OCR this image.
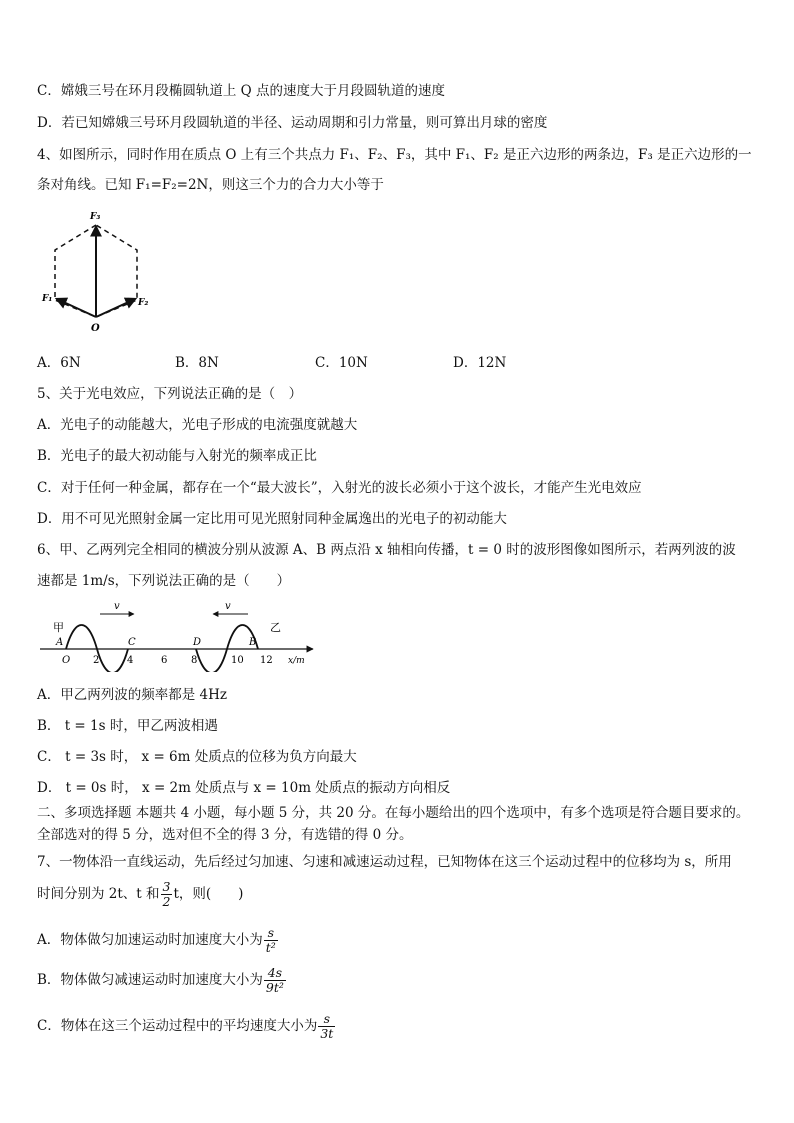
C．嫦娥三号在环月段椭圆轨道上 Q 点的速度大于月段圆轨道的速度
D．若已知嫦娥三号环月段圆轨道的半径、运动周期和引力常量，则可算出月球的密度
4、如图所示，同时作用在质点 O 上有三个共点力 F₁、F₂、F₃，其中 F₁、F₂ 是正六边形的两条边，F₃ 是正六边形的一
条对角线。已知 F₁=F₂=2N，则这三个力的合力大小等于
F₃
F₁	F₂
O
A．6N	B．8N	C．10N	D．12N
5、关于光电效应，下列说法正确的是（　）
A．光电子的动能越大，光电子形成的电流强度就越大
B．光电子的最大初动能与入射光的频率成正比
C．对于任何一种金属，都存在一个“最大波长”，入射光的波长必须小于这个波长，才能产生光电效应
D．用不可见光照射金属一定比用可见光照射同种金属逸出的光电子的初动能大
6、甲、乙两列完全相同的横波分别从波源 A、B 两点沿 x 轴相向传播，t = 0 时的波形图像如图所示，若两列波的波
速都是 1m/s，下列说法正确的是（　　）
v	v
甲	乙
A	C	D	B
O 2	4	6 8	10 12 x/m
A．甲乙两列波的频率都是 4Hz
B． t = 1s 时，甲乙两波相遇
C． t = 3s 时， x = 6m 处质点的位移为负方向最大
D． t = 0s 时， x = 2m 处质点与 x = 10m 处质点的振动方向相反
二、多项选择题 本题共 4 小题，每小题 5 分，共 20 分。在每小题给出的四个选项中，有多个选项是符合题目要求的。
全部选对的得 5 分，选对但不全的得 3 分，有选错的得 0 分。
7、一物体沿一直线运动，先后经过匀加速、匀速和减速运动过程，已知物体在这三个运动过程中的位移均为 s，所用
时间分别为 2t、t 和 $\frac{3}{2}$ t，则(　　)
A．物体做匀加速运动时加速度大小为 $\frac{s}{\text{t²}}$
B．物体做匀减速运动时加速度大小为 $\frac{4s}{\text{9t²}}$
C．物体在这三个运动过程中的平均速度大小为 $\frac{s}{3t}$
